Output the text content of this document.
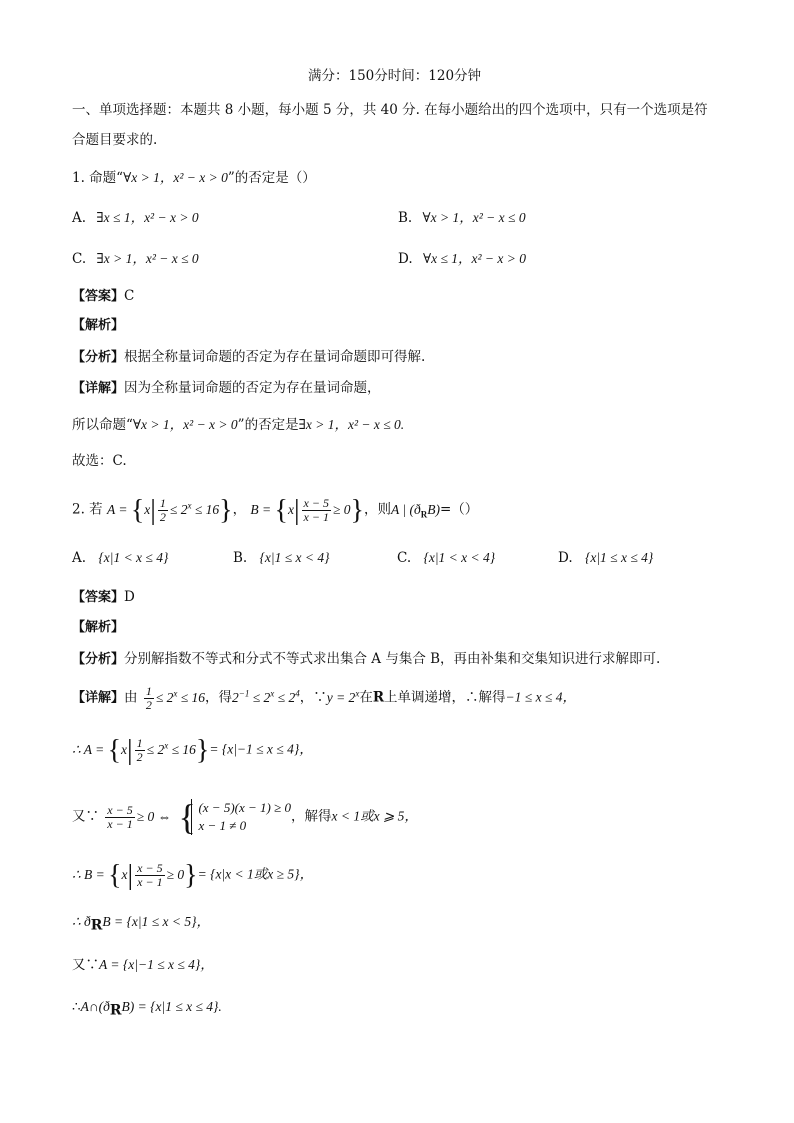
满分：150分时间：120分钟
一、单项选择题：本题共 8 小题，每小题 5 分，共 40 分. 在每小题给出的四个选项中，只有一个选项是符
合题目要求的.
1. 命题“∀x > 1，x² − x > 0”的否定是（）
A. ∃x ≤ 1，x² − x > 0	B. ∀x > 1，x² − x ≤ 0
C. ∃x > 1，x² − x ≤ 0	D. ∀x ≤ 1，x² − x > 0
【答案】C
【解析】
【分析】根据全称量词命题的否定为存在量词命题即可得解.
【详解】因为全称量词命题的否定为存在量词命题，
所以命题“∀x > 1，x² − x > 0”的否定是∃x > 1，x² − x ≤ 0.
故选：C.
2. 若 $A = \{x| \frac{1}{2} \le 2^x \le 16\}$， $B = \{x| \frac{x - 5}{x - 1} \ge 0\}$，则A | $(ð_RB)=()$
A. {x|1 < x ≤ 4}	B. {x|1 ≤ x < 4}	C. {x|1 < x < 4}	D. {x|1 ≤ x ≤ 4}
【答案】D
【解析】
【分析】分别解指数不等式和分式不等式求出集合 A 与集合 B，再由补集和交集知识进行求解即可.
【详解】由 $\frac{1}{2} \le 2^x \le 16$，得$2^{-1} \le 2^x \le 2^4$，∵y = $2^x$在R上单调递增，∴解得−1 ≤ x ≤ 4，
∴ $A = \{x| \frac{1}{2} \le 2^x \le 16\}= \{x|-1 \le x \le 4\}$，
又∵ $\frac{x - 5}{x - 1} \ge 0$ ⇔
{ (x − 5)(x − 1) ≥ 0
x − 1 ≠ 0
，解得x < 1或x ⩾ 5，
∴ $B = \{x| \frac{x - 5}{x - 1} \ge 0\}= \{x|x < 1$或x ≥ 5}，
∴ $ð_RB = \{x|1 \le x < 5\}$，
又∵A = {x|−1 ≤ x ≤ 4}，
$\therefore A\cap(ð_RB) = \{x|1 \le x \le 4\}$.
